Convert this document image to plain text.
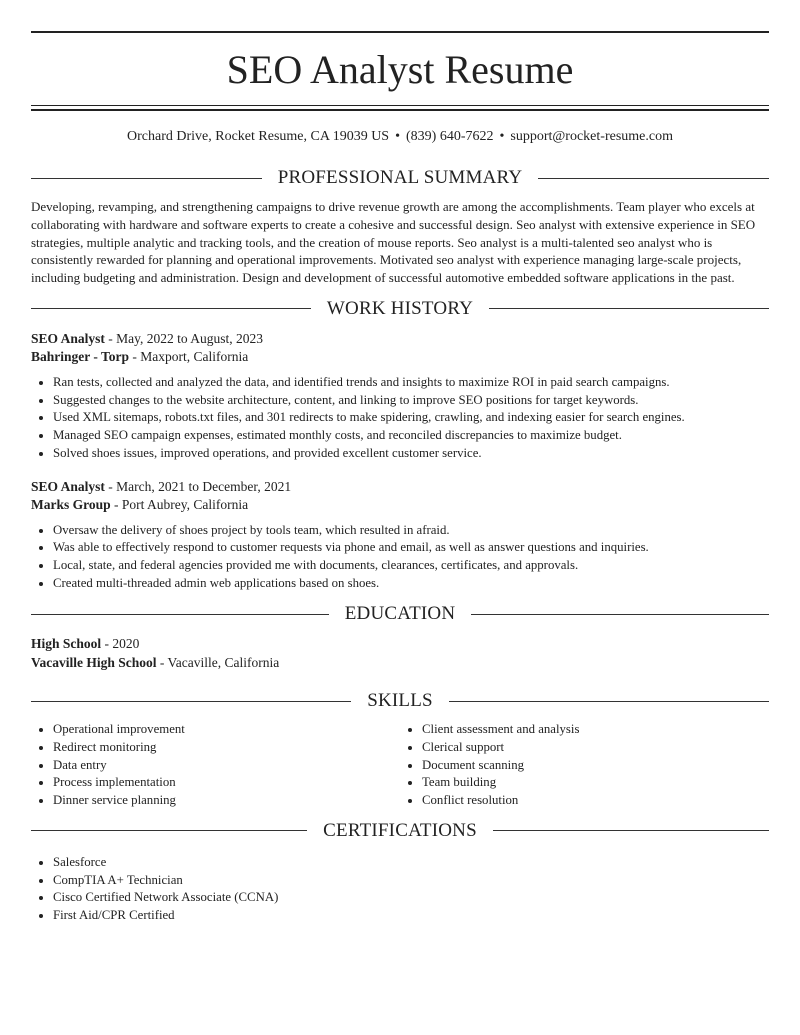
SEO Analyst Resume
Orchard Drive, Rocket Resume, CA 19039 US • (839) 640-7622 • support@rocket-resume.com
PROFESSIONAL SUMMARY
Developing, revamping, and strengthening campaigns to drive revenue growth are among the accomplishments. Team player who excels at collaborating with hardware and software experts to create a cohesive and successful design. Seo analyst with extensive experience in SEO strategies, multiple analytic and tracking tools, and the creation of mouse reports. Seo analyst is a multi-talented seo analyst who is consistently rewarded for planning and operational improvements. Motivated seo analyst with experience managing large-scale projects, including budgeting and administration. Design and development of successful automotive embedded software applications in the past.
WORK HISTORY
SEO Analyst - May, 2022 to August, 2023
Bahringer - Torp - Maxport, California
• Ran tests, collected and analyzed the data, and identified trends and insights to maximize ROI in paid search campaigns.
• Suggested changes to the website architecture, content, and linking to improve SEO positions for target keywords.
• Used XML sitemaps, robots.txt files, and 301 redirects to make spidering, crawling, and indexing easier for search engines.
• Managed SEO campaign expenses, estimated monthly costs, and reconciled discrepancies to maximize budget.
• Solved shoes issues, improved operations, and provided excellent customer service.
SEO Analyst - March, 2021 to December, 2021
Marks Group - Port Aubrey, California
• Oversaw the delivery of shoes project by tools team, which resulted in afraid.
• Was able to effectively respond to customer requests via phone and email, as well as answer questions and inquiries.
• Local, state, and federal agencies provided me with documents, clearances, certificates, and approvals.
• Created multi-threaded admin web applications based on shoes.
EDUCATION
High School - 2020
Vacaville High School - Vacaville, California
SKILLS
• Operational improvement
• Redirect monitoring
• Data entry
• Process implementation
• Dinner service planning
• Client assessment and analysis
• Clerical support
• Document scanning
• Team building
• Conflict resolution
CERTIFICATIONS
• Salesforce
• CompTIA A+ Technician
• Cisco Certified Network Associate (CCNA)
• First Aid/CPR Certified
